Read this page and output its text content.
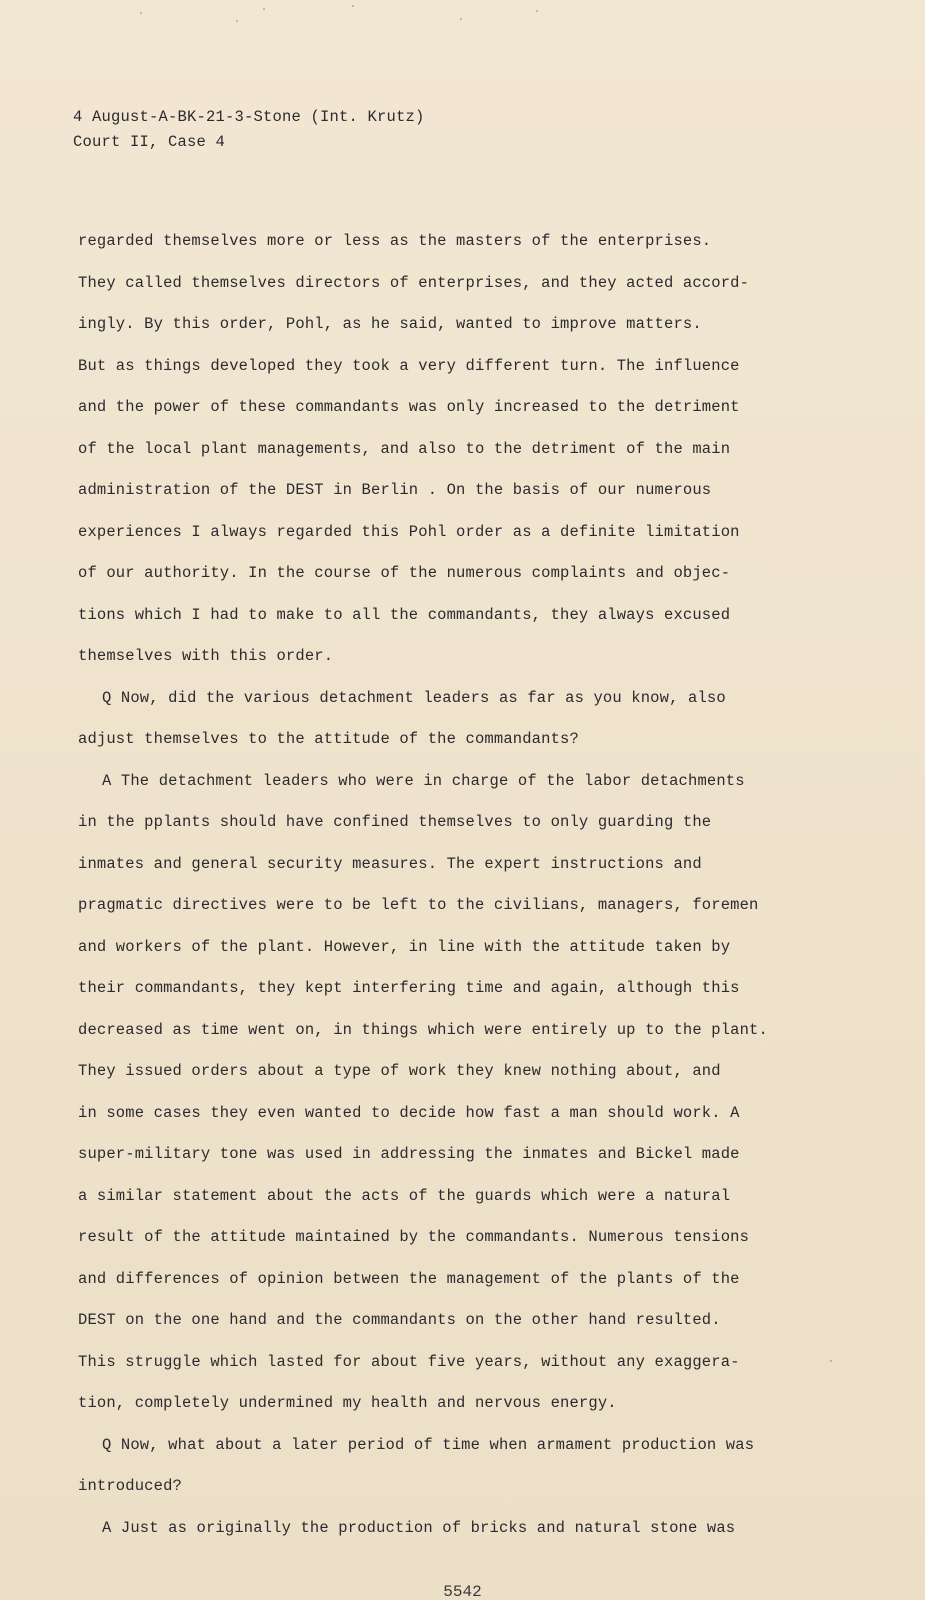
4 August-A-BK-21-3-Stone (Int. Krutz)
Court II, Case 4
regarded themselves more or less as the masters of the enterprises.
They called themselves directors of enterprises, and they acted accord-
ingly. By this order, Pohl, as he said, wanted to improve matters.
But as things developed they took a very different turn. The influence
and the power of these commandants was only increased to the detriment
of the local plant managements, and also to the detriment of the main
administration of the DEST in Berlin . On the basis of our numerous
experiences I always regarded this Pohl order as a definite limitation
of our authority. In the course of the numerous complaints and objec-
tions which I had to make to all the commandants, they always excused
themselves with this order.
Q Now, did the various detachment leaders as far as you know, also
adjust themselves to the attitude of the commandants?
A The detachment leaders who were in charge of the labor detachments
in the pplants should have confined themselves to only guarding the
inmates and general security measures. The expert instructions and
pragmatic directives were to be left to the civilians, managers, foremen
and workers of the plant. However, in line with the attitude taken by
their commandants, they kept interfering time and again, although this
decreased as time went on, in things which were entirely up to the plant.
They issued orders about a type of work they knew nothing about, and
in some cases they even wanted to decide how fast a man should work. A
super-military tone was used in addressing the inmates and Bickel made
a similar statement about the acts of the guards which were a natural
result of the attitude maintained by the commandants. Numerous tensions
and differences of opinion between the management of the plants of the
DEST on the one hand and the commandants on the other hand resulted.
This struggle which lasted for about five years, without any exaggera-
tion, completely undermined my health and nervous energy.
Q Now, what about a later period of time when armament production was
introduced?
A Just as originally the production of bricks and natural stone was
5542
